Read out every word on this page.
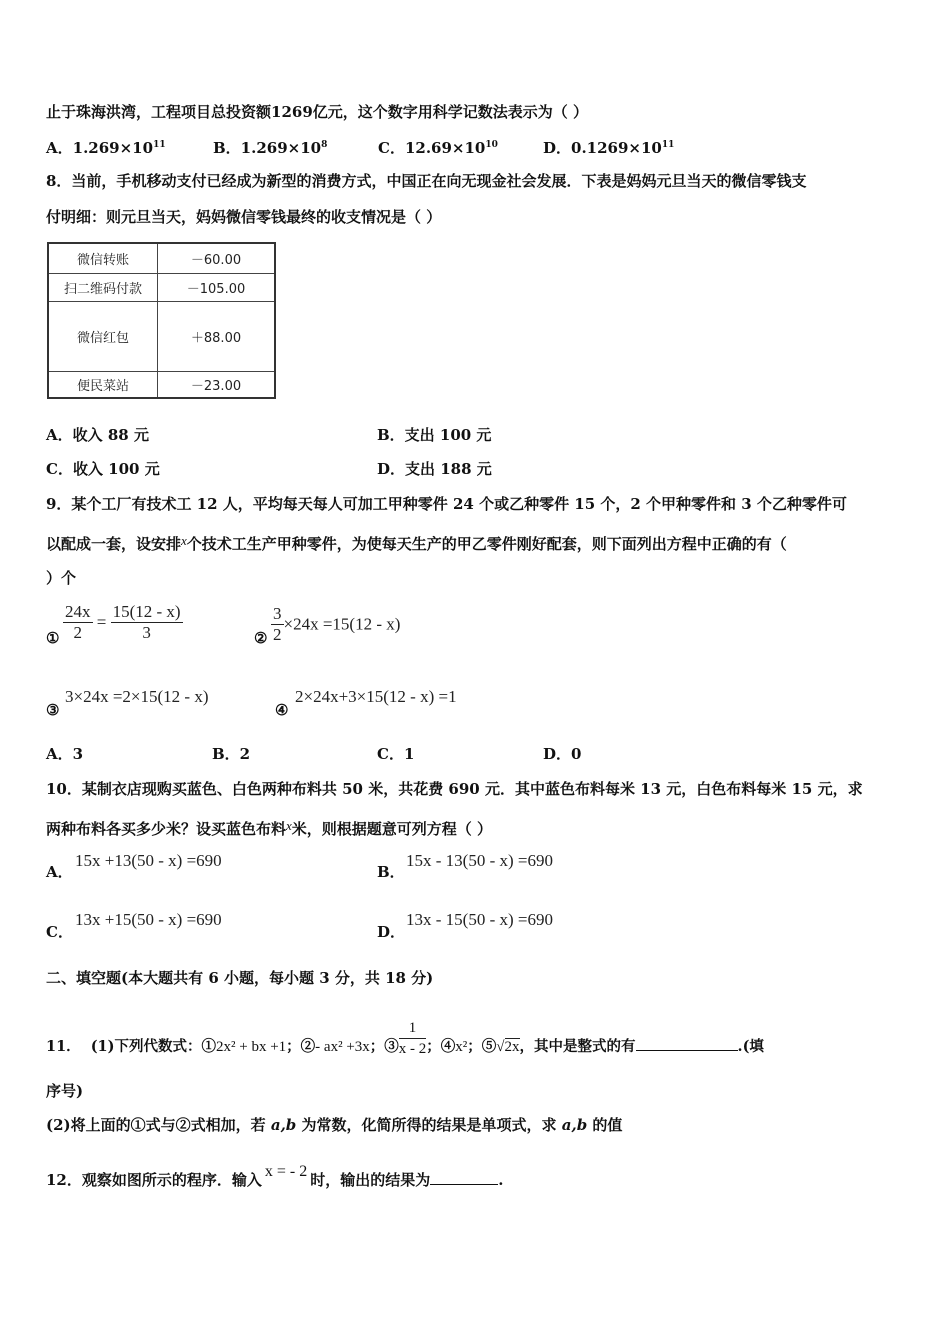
止于珠海洪湾，工程项目总投资额1269亿元，这个数字用科学记数法表示为（ ）
A．$1.269\times 10^{11}$	B．$1.269\times 10^8$	C．$12.69\times 10^{10}$	D．$0.1269\times 10^{11}$
8．当前，手机移动支付已经成为新型的消费方式，中国正在向无现金社会发展．下表是妈妈元旦当天的微信零钱支
付明细：则元旦当天，妈妈微信零钱最终的收支情况是（ ）
微信转账	－60.00
扫二维码付款	－105.00
微信红包	＋88.00
便民菜站	－23.00
A．收入 88 元	B．支出 100 元
C．收入 100 元	D．支出 188 元
9．某个工厂有技术工 12 人，平均每天每人可加工甲种零件 24 个或乙种零件 15 个，2 个甲种零件和 3 个乙种零件可
以配成一套，设安排x个技术工生产甲种零件，为使每天生产的甲乙零件刚好配套，则下面列出方程中正确的有（
）个
① $\frac{24x}{2} = \frac{15(12 - x)}{3}$	② $\frac{3}{2} \times 24x =15(12 - x)$
③
3×24x =2×15(12 - x)
④
2×24x+3×15(12 - x) =1
A．3	B．2	C．1	D．0
10．某制衣店现购买蓝色、白色两种布料共 50 米，共花费 690 元．其中蓝色布料每米 13 元，白色布料每米 15 元，求
两种布料各买多少米？设买蓝色布料x米，则根据题意可列方程（ ）
A．
15x +13(50 - x) =690
B．
15x - 13(50 - x) =690
C．
13x +15(50 - x) =690
D．
13x - 15(50 - x) =690
二、填空题(本大题共有 6 小题，每小题 3 分，共 18 分)
11． (1)下列代数式：①2x² + bx +1；②- ax² +3x；③ $\frac{1}{x - 2}$ ；④x²；⑤√2x，其中是整式的有	.(填
序号)
(2)将上面的①式与②式相加，若 a,b 为常数，化简所得的结果是单项式，求 a,b 的值
12．观察如图所示的程序．输入 x = - 2 时，输出的结果为	.
